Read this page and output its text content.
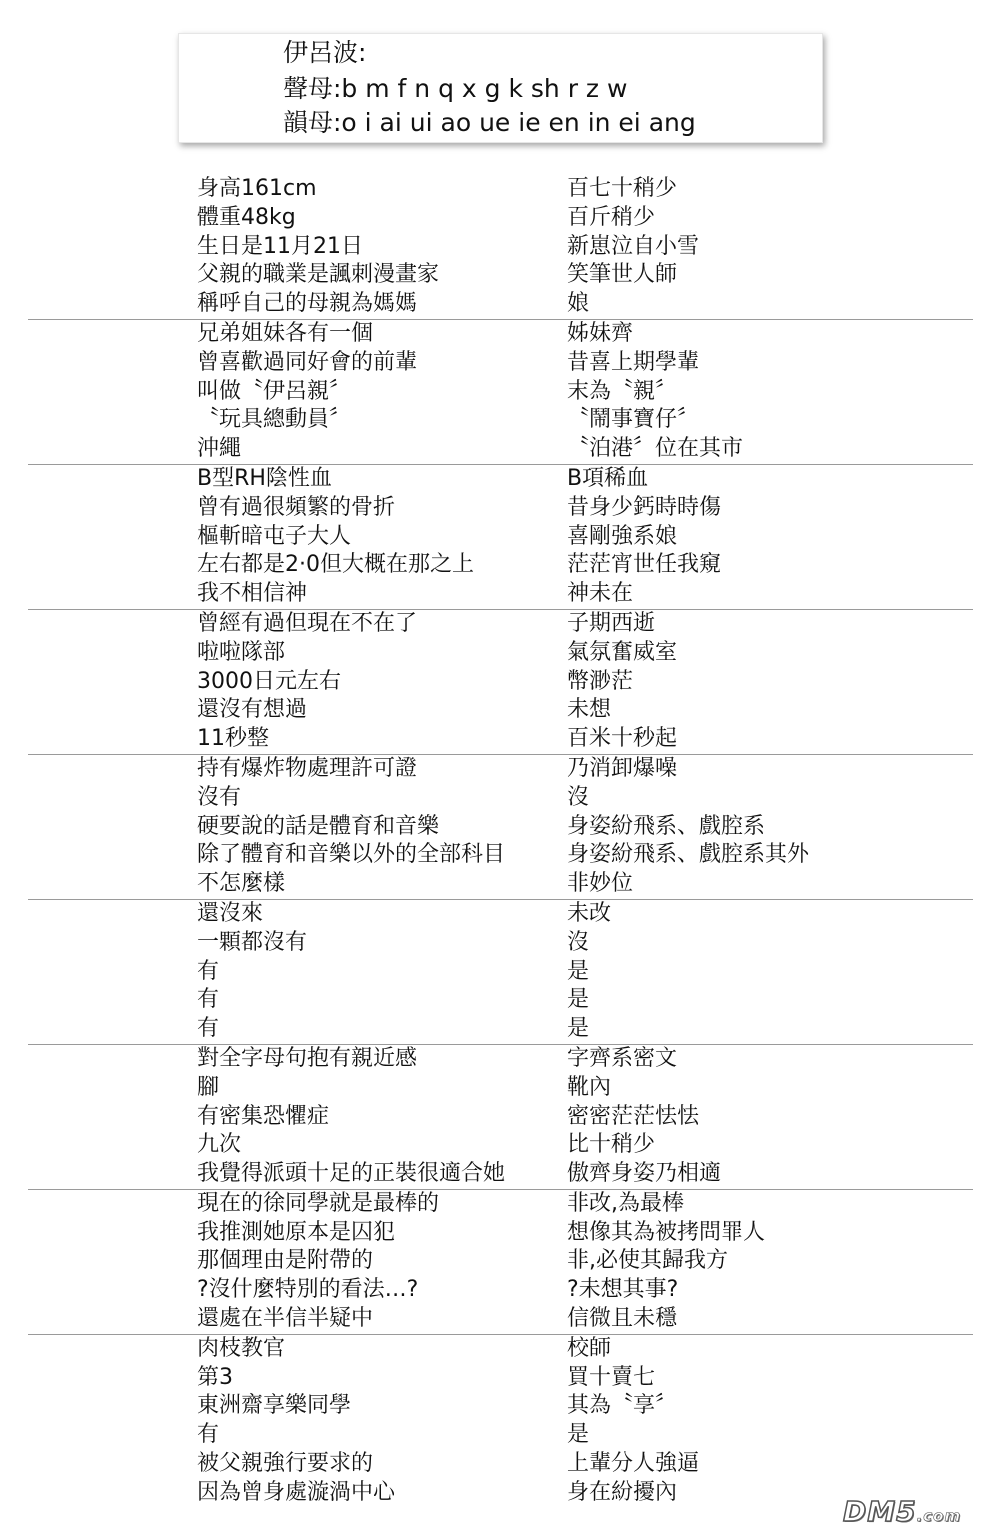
伊呂波:
聲母:b m f n q x g k sh r z w
韻母:o i ai ui ao ue ie en in ei ang
身高161cm	百七十稍少
體重48kg	百斤稍少
生日是11月21日	新崽泣自小雪
父親的職業是諷刺漫畫家	笑筆世人師
稱呼自己的母親為媽媽	娘
兄弟姐妹各有一個	姊妹齊
曾喜歡過同好會的前輩	昔喜上期學輩
叫做〝伊呂親〞	末為〝親〞
〝玩具總動員〞	〝鬧事寶仔〞
沖繩	〝泊港〞位在其市
B型RH陰性血	B項稀血
曾有過很頻繁的骨折	昔身少鈣時時傷
樞斬暗屯子大人	喜剛強系娘
左右都是2·0但大概在那之上	茫茫宵世任我窺
我不相信神	神未在
曾經有過但現在不在了	子期西逝
啦啦隊部	氣氛奮威室
3000日元左右	幣渺茫
還沒有想過	未想
11秒整	百米十秒起
持有爆炸物處理許可證	乃消卸爆噪
沒有	沒
硬要說的話是體育和音樂	身姿紛飛系、戲腔系
除了體育和音樂以外的全部科目	身姿紛飛系、戲腔系其外
不怎麼樣	非妙位
還沒來	未改
一顆都沒有	沒
有	是
有	是
有	是
對全字母句抱有親近感	字齊系密文
腳	靴內
有密集恐懼症	密密茫茫怯怯
九次	比十稍少
我覺得派頭十足的正裝很適合她	傲齊身姿乃相適
現在的徐同學就是最棒的	非改,為最棒
我推測她原本是囚犯	想像其為被拷問罪人
那個理由是附帶的	非,必使其歸我方
?沒什麼特別的看法…?	?未想其事?
還處在半信半疑中	信微且未穩
肉枝教官	校師
第3	買十賣七
東洲齋享樂同學	其為〝享〞
有	是
被父親強行要求的	上輩分人強逼
因為曾身處漩渦中心	身在紛擾內
DM5.com
